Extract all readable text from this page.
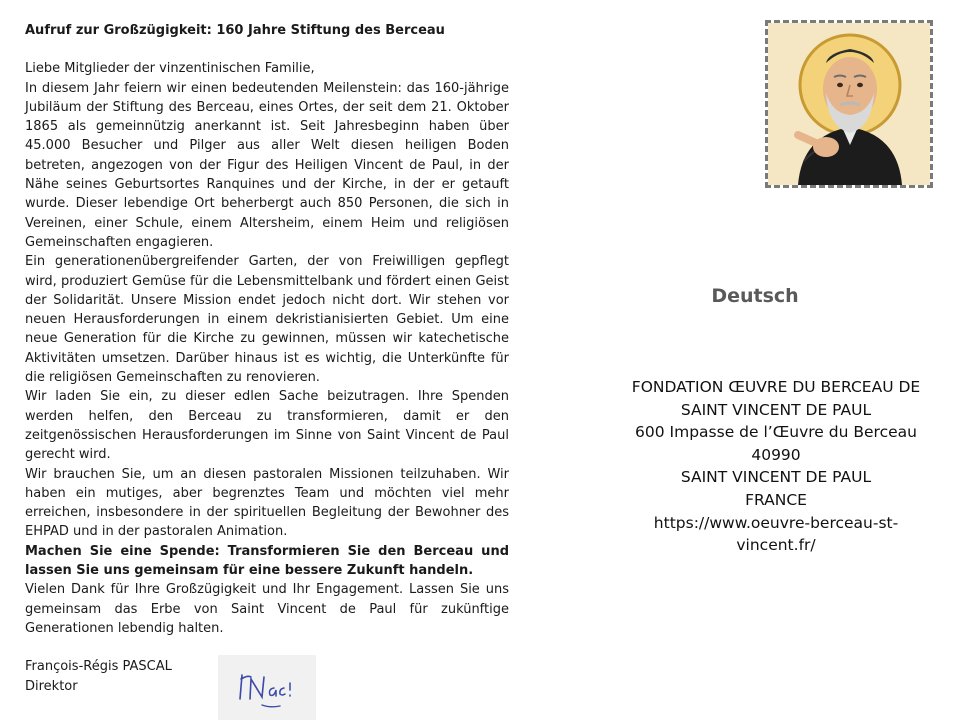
Aufruf zur Großzügigkeit: 160 Jahre Stiftung des Berceau

Liebe Mitglieder der vinzentinischen Familie,

In diesem Jahr feiern wir einen bedeutenden Meilenstein: das 160-jährige Jubiläum der Stiftung des Berceau, eines Ortes, der seit dem 21. Oktober 1865 als gemeinnützig anerkannt ist. Seit Jahresbeginn haben über 45.000 Besucher und Pilger aus aller Welt diesen heiligen Boden betreten, angezogen von der Figur des Heiligen Vincent de Paul, in der Nähe seines Geburtsortes Ranquines und der Kirche, in der er getauft wurde. Dieser lebendige Ort beherbergt auch 850 Personen, die sich in Vereinen, einer Schule, einem Altersheim, einem Heim und religiösen Gemeinschaften engagieren.

Ein generationenübergreifender Garten, der von Freiwilligen gepflegt wird, produziert Gemüse für die Lebensmittelbank und fördert einen Geist der Solidarität. Unsere Mission endet jedoch nicht dort. Wir stehen vor neuen Herausforderungen in einem dekristianisierten Gebiet. Um eine neue Generation für die Kirche zu gewinnen, müssen wir katechetische Aktivitäten umsetzen. Darüber hinaus ist es wichtig, die Unterkünfte für die religiösen Gemeinschaften zu renovieren.

Wir laden Sie ein, zu dieser edlen Sache beizutragen. Ihre Spenden werden helfen, den Berceau zu transformieren, damit er den zeitgenössischen Herausforderungen im Sinne von Saint Vincent de Paul gerecht wird.

Wir brauchen Sie, um an diesen pastoralen Missionen teilzuhaben. Wir haben ein mutiges, aber begrenztes Team und möchten viel mehr erreichen, insbesondere in der spirituellen Begleitung der Bewohner des EHPAD und in der pastoralen Animation.

Machen Sie eine Spende: Transformieren Sie den Berceau und lassen Sie uns gemeinsam für eine bessere Zukunft handeln.

Vielen Dank für Ihre Großzügigkeit und Ihr Engagement. Lassen Sie uns gemeinsam das Erbe von Saint Vincent de Paul für zukünftige Generationen lebendig halten.

François-Régis PASCAL

Direktor

Deutsch
FONDATION ŒUVRE DU BERCEAU DE
SAINT VINCENT DE PAUL
600 Impasse de l’Œuvre du Berceau
40990
SAINT VINCENT DE PAUL
FRANCE
https://www.oeuvre-berceau-st-
vincent.fr/
